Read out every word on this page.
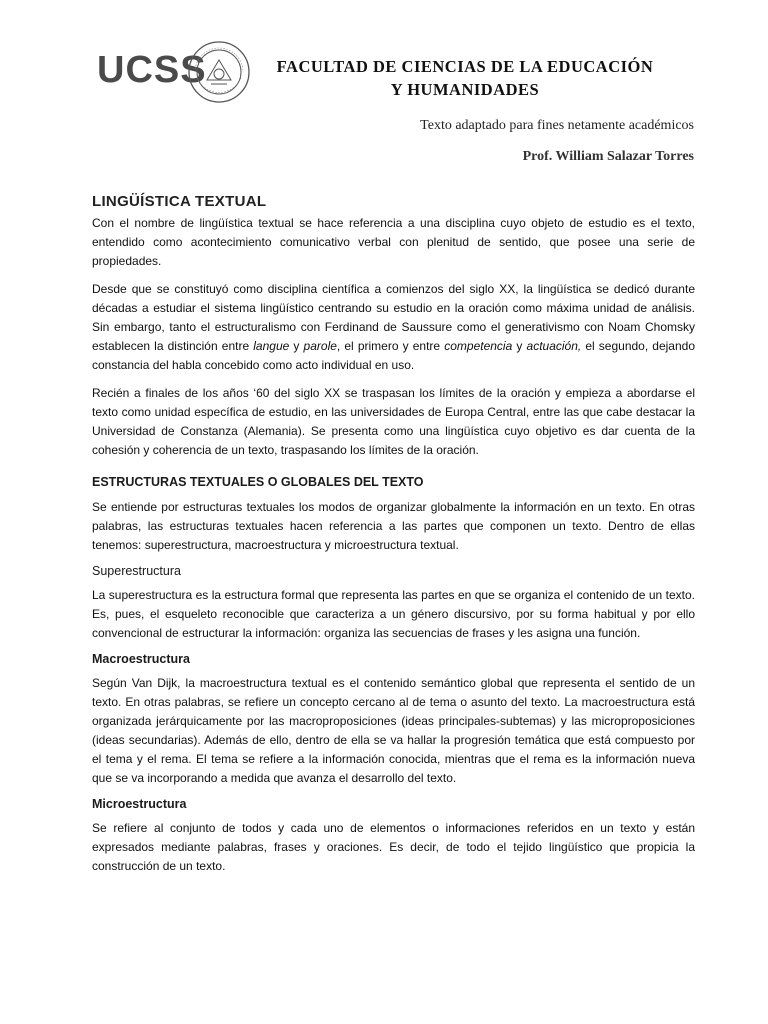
UCSS	FACULTAD DE CIENCIAS DE LA EDUCACIÓN
Y HUMANIDADES
Texto adaptado para fines netamente académicos
Prof. William Salazar Torres
LINGÜÍSTICA TEXTUAL

Con el nombre de lingüística textual se hace referencia a una disciplina cuyo objeto de estudio es el texto, entendido como acontecimiento comunicativo verbal con plenitud de sentido, que posee una serie de propiedades.

Desde que se constituyó como disciplina científica a comienzos del siglo XX, la lingüística se dedicó durante décadas a estudiar el sistema lingüístico centrando su estudio en la oración como máxima unidad de análisis. Sin embargo, tanto el estructuralismo con Ferdinand de Saussure como el generativismo con Noam Chomsky establecen la distinción entre langue y parole, el primero y entre competencia y actuación, el segundo, dejando constancia del habla concebido como acto individual en uso.

Recién a finales de los años ‘60 del siglo XX se traspasan los límites de la oración y empieza a abordarse el texto como unidad específica de estudio, en las universidades de Europa Central, entre las que cabe destacar la Universidad de Constanza (Alemania). Se presenta como una lingüística cuyo objetivo es dar cuenta de la cohesión y coherencia de un texto, traspasando los límites de la oración.

ESTRUCTURAS TEXTUALES O GLOBALES DEL TEXTO

Se entiende por estructuras textuales los modos de organizar globalmente la información en un texto. En otras palabras, las estructuras textuales hacen referencia a las partes que componen un texto. Dentro de ellas tenemos: superestructura, macroestructura y microestructura textual.

Superestructura

La superestructura es la estructura formal que representa las partes en que se organiza el contenido de un texto. Es, pues, el esqueleto reconocible que caracteriza a un género discursivo, por su forma habitual y por ello convencional de estructurar la información: organiza las secuencias de frases y les asigna una función.

Macroestructura

Según Van Dijk, la macroestructura textual es el contenido semántico global que representa el sentido de un texto. En otras palabras, se refiere un concepto cercano al de tema o asunto del texto. La macroestructura está organizada jerárquicamente por las macroproposiciones (ideas principales-subtemas) y las microproposiciones (ideas secundarias). Además de ello, dentro de ella se va hallar la progresión temática que está compuesto por el tema y el rema. El tema se refiere a la información conocida, mientras que el rema es la información nueva que se va incorporando a medida que avanza el desarrollo del texto.

Microestructura

Se refiere al conjunto de todos y cada uno de elementos o informaciones referidos en un texto y están expresados mediante palabras, frases y oraciones. Es decir, de todo el tejido lingüístico que propicia la construcción de un texto.
